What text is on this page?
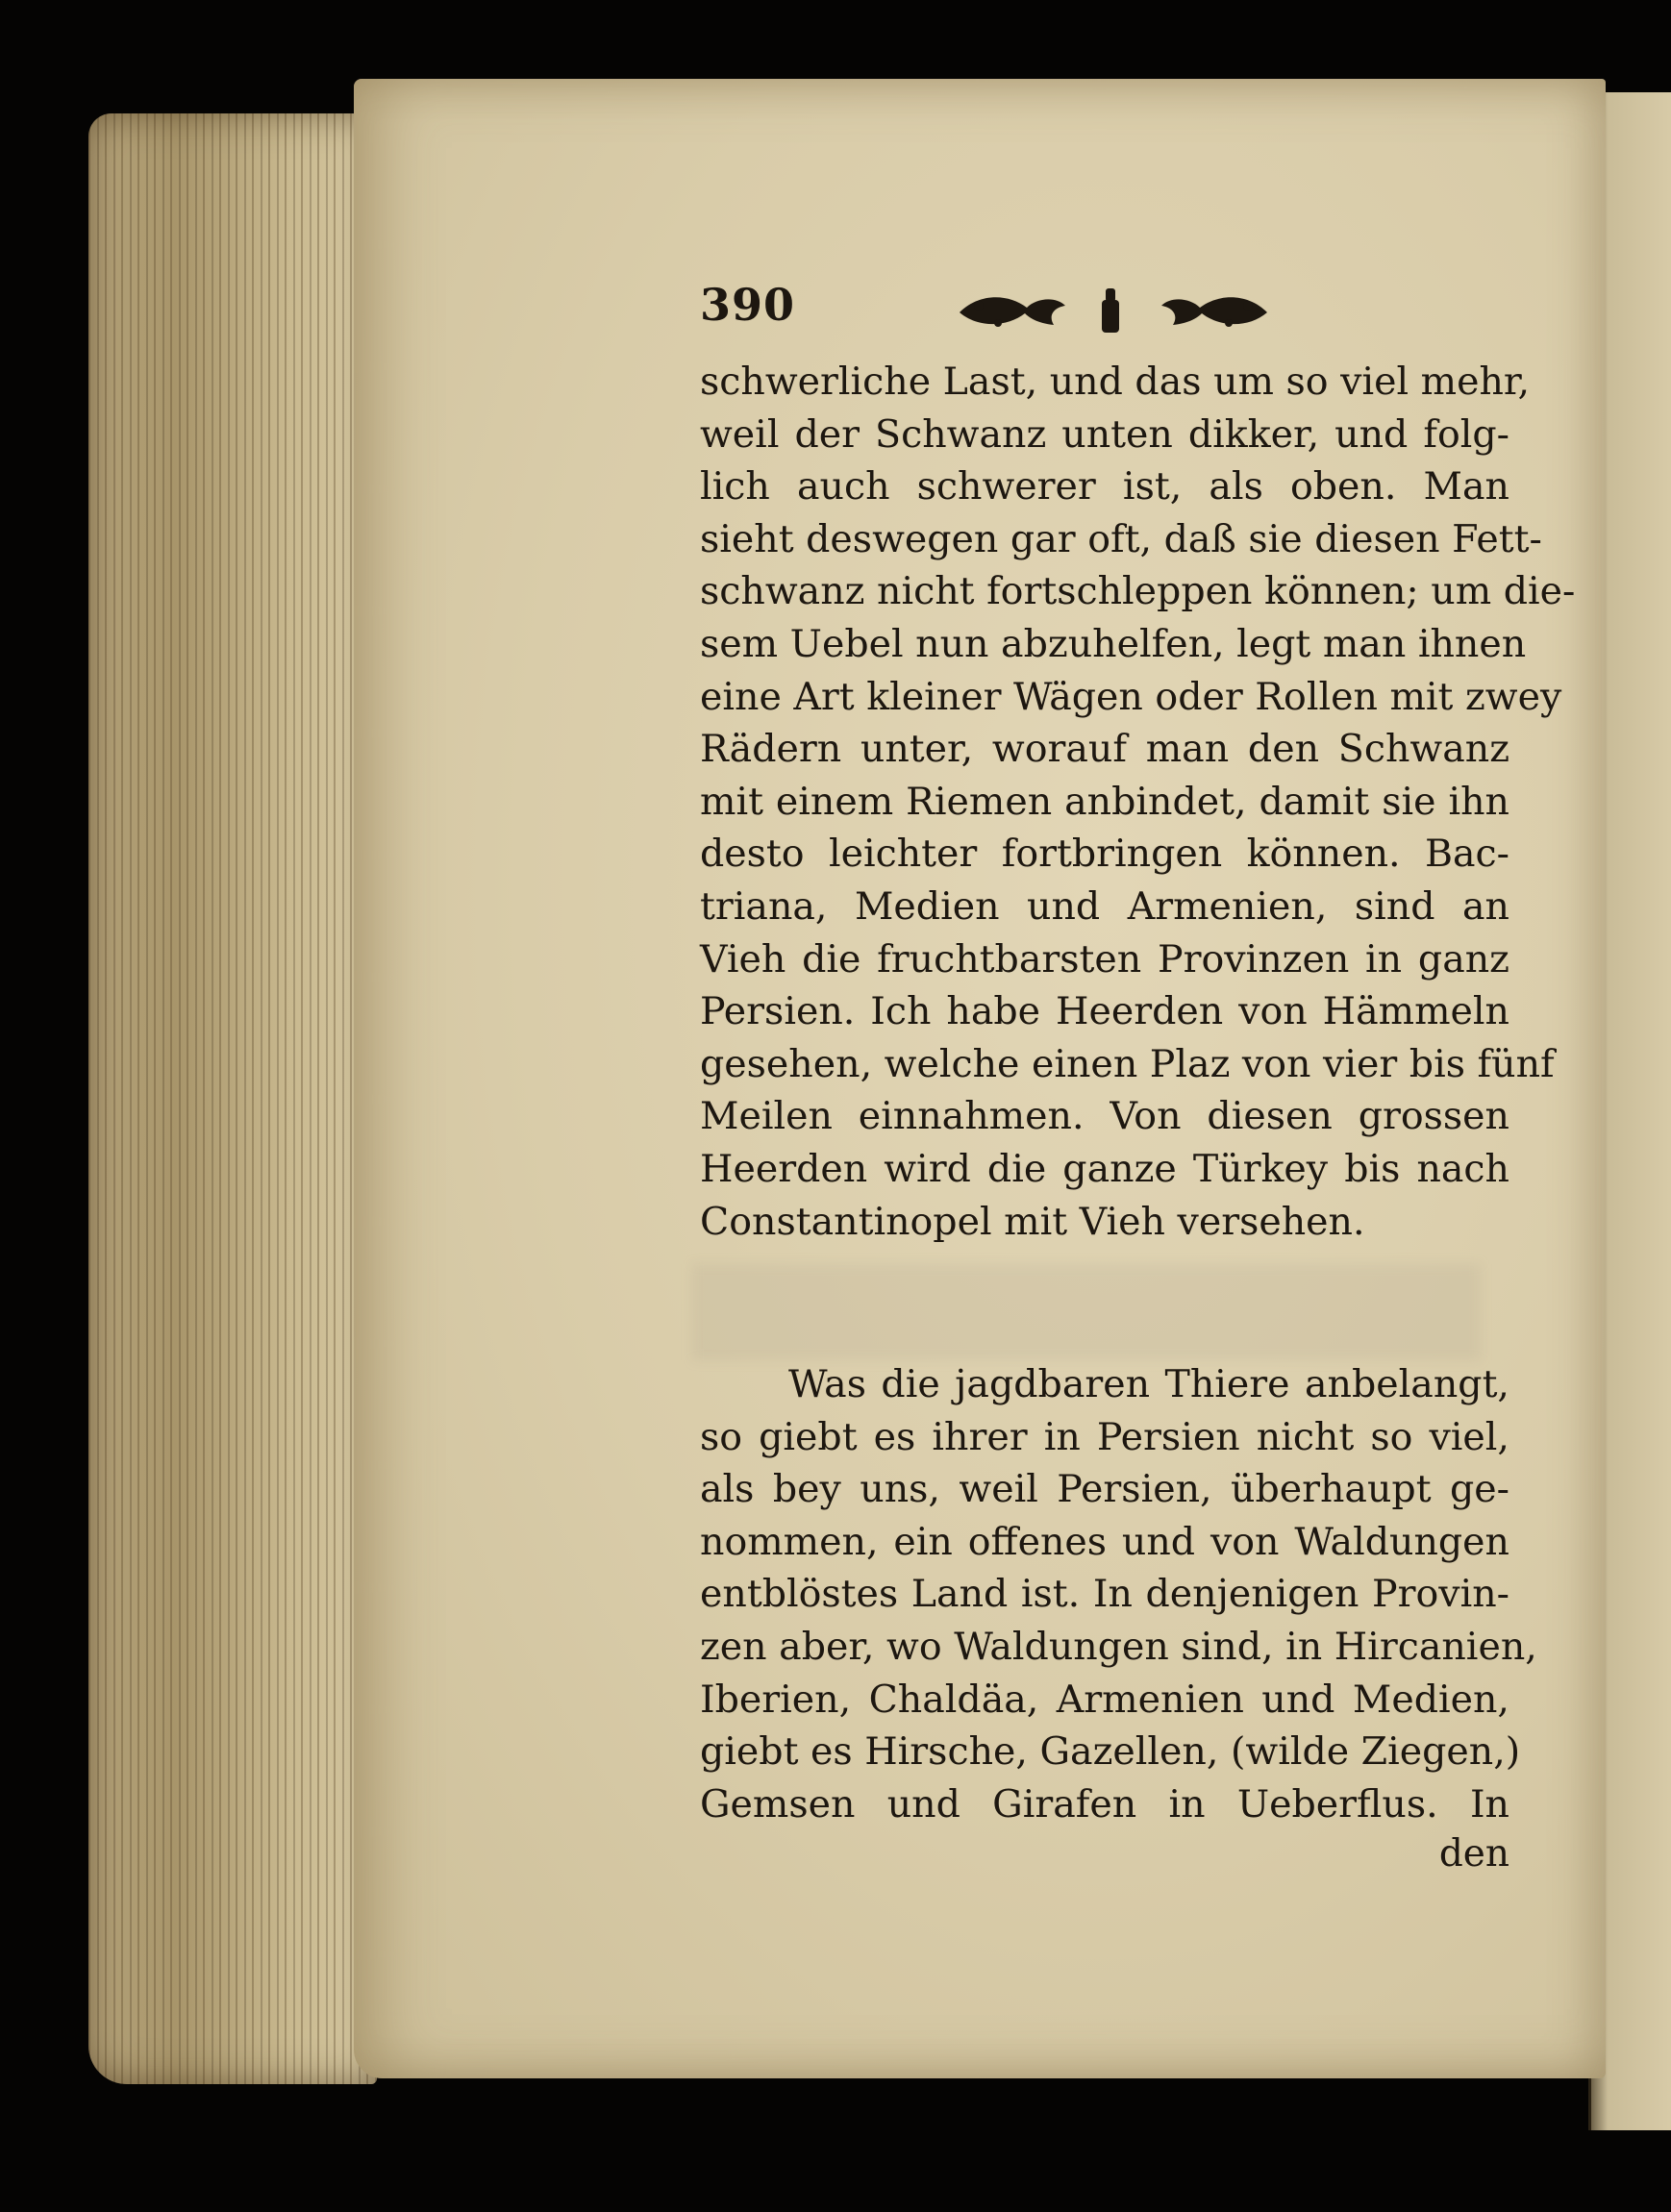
390
schwerliche Last, und das um so viel mehr,
weil der Schwanz unten dikker, und folg-
lich auch schwerer ist, als oben. Man
sieht deswegen gar oft, daß sie diesen Fett-
schwanz nicht fortschleppen können; um die-
sem Uebel nun abzuhelfen, legt man ihnen
eine Art kleiner Wägen oder Rollen mit zwey
Rädern unter, worauf man den Schwanz
mit einem Riemen anbindet, damit sie ihn
desto leichter fortbringen können. Bac-
triana, Medien und Armenien, sind an
Vieh die fruchtbarsten Provinzen in ganz
Persien. Ich habe Heerden von Hämmeln
gesehen, welche einen Plaz von vier bis fünf
Meilen einnahmen. Von diesen grossen
Heerden wird die ganze Türkey bis nach
Constantinopel mit Vieh versehen.
Was die jagdbaren Thiere anbelangt,
so giebt es ihrer in Persien nicht so viel,
als bey uns, weil Persien, überhaupt ge-
nommen, ein offenes und von Waldungen
entblöstes Land ist. In denjenigen Provin-
zen aber, wo Waldungen sind, in Hircanien,
Iberien, Chaldäa, Armenien und Medien,
giebt es Hirsche, Gazellen, (wilde Ziegen,)
Gemsen und Girafen in Ueberflus. In
den
